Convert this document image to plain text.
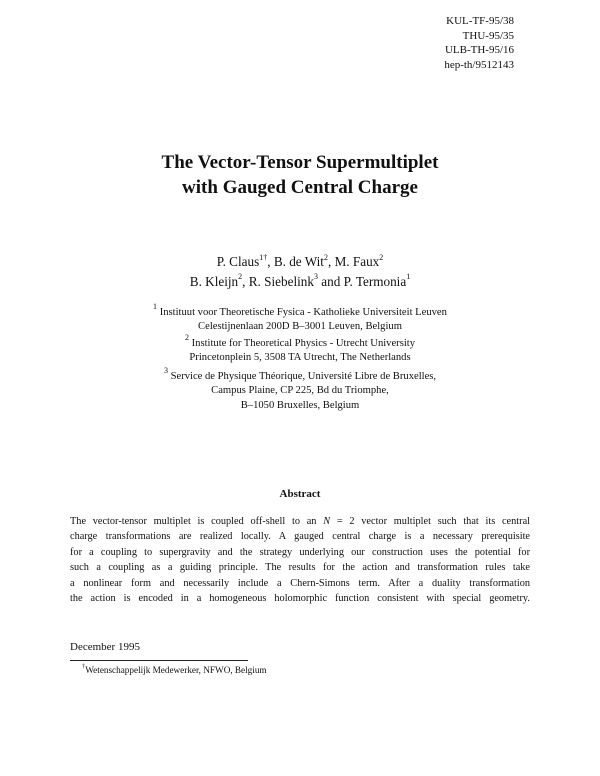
KUL-TF-95/38
THU-95/35
ULB-TH-95/16
hep-th/9512143
The Vector-Tensor Supermultiplet
with Gauged Central Charge
P. Claus$^{1\dagger}$, B. de Wit$^2$, M. Faux$^2$
B. Kleijn$^2$, R. Siebelink$^3$ and P. Termonia$^1$
$^1$ Instituut voor Theoretische Fysica - Katholieke Universiteit Leuven
Celestijnenlaan 200D B–3001 Leuven, Belgium
$^2$ Institute for Theoretical Physics - Utrecht University
Princetonplein 5, 3508 TA Utrecht, The Netherlands
$^3$ Service de Physique Théorique, Université Libre de Bruxelles,
Campus Plaine, CP 225, Bd du Triomphe,
B–1050 Bruxelles, Belgium
Abstract
The vector-tensor multiplet is coupled off-shell to an N = 2 vector multiplet such that its central
charge transformations are realized locally. A gauged central charge is a necessary prerequisite
for a coupling to supergravity and the strategy underlying our construction uses the potential for
such a coupling as a guiding principle. The results for the action and transformation rules take
a nonlinear form and necessarily include a Chern-Simons term. After a duality transformation
the action is encoded in a homogeneous holomorphic function consistent with special geometry.
December 1995
†Wetenschappelijk Medewerker, NFWO, Belgium
